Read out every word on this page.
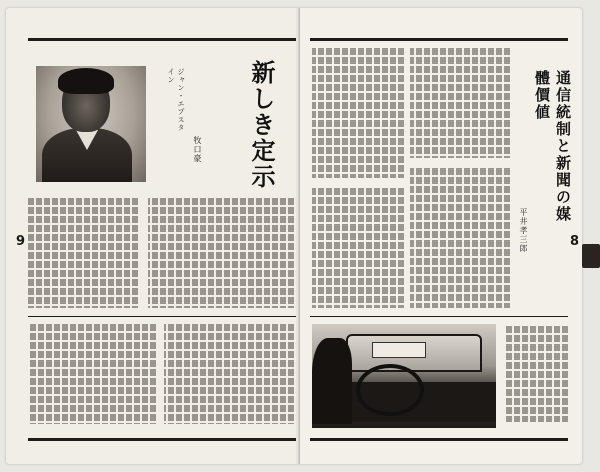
ジャン・エプスタイン	新しき定示
牧口豪
9
通信統制と新聞の媒體價値
平井孝三郎	8
